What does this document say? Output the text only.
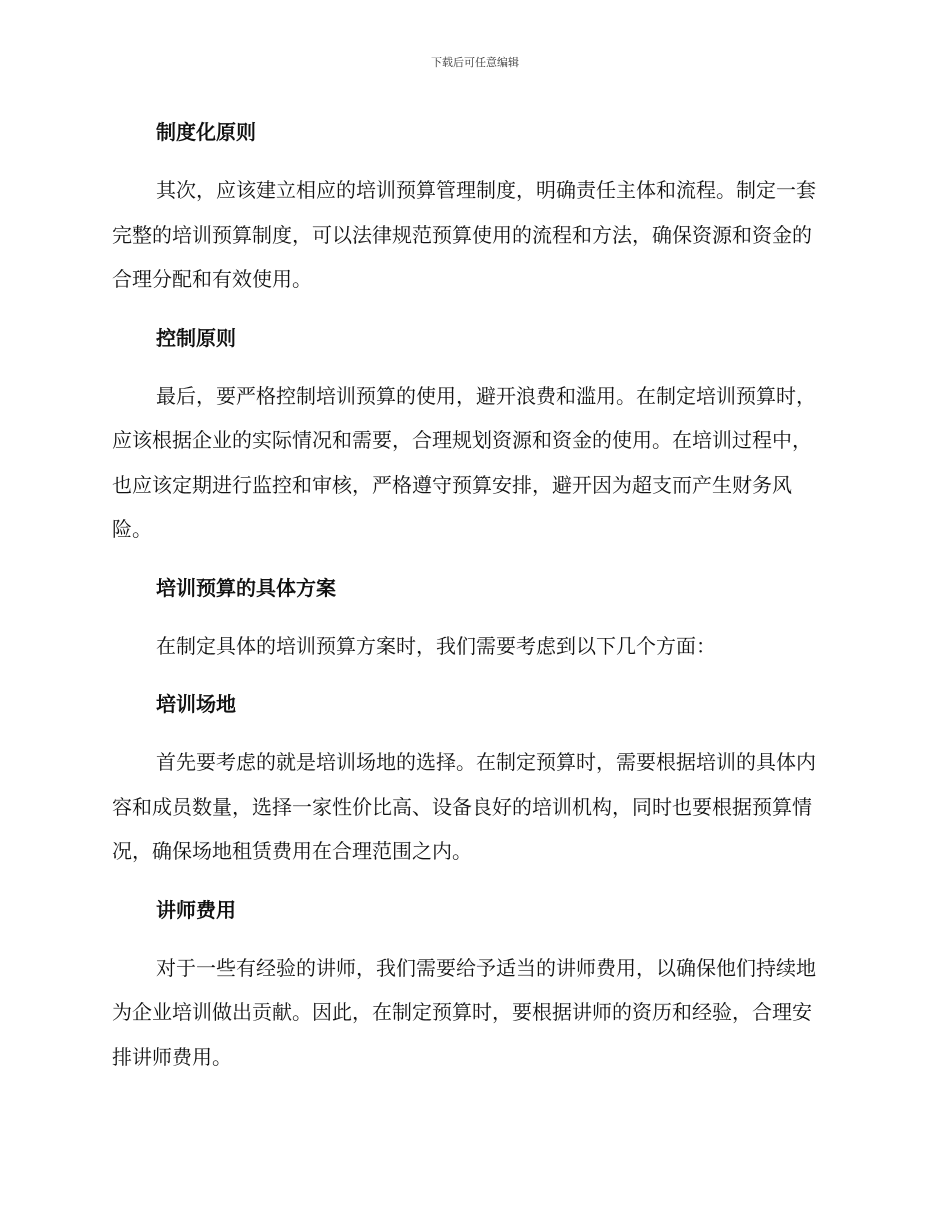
下载后可任意编辑
制度化原则

其次，应该建立相应的培训预算管理制度，明确责任主体和流程。制定一套完整的培训预算制度，可以法律规范预算使用的流程和方法，确保资源和资金的合理分配和有效使用。

控制原则

最后，要严格控制培训预算的使用，避开浪费和滥用。在制定培训预算时，应该根据企业的实际情况和需要，合理规划资源和资金的使用。在培训过程中，也应该定期进行监控和审核，严格遵守预算安排，避开因为超支而产生财务风险。

培训预算的具体方案

在制定具体的培训预算方案时，我们需要考虑到以下几个方面：

培训场地

首先要考虑的就是培训场地的选择。在制定预算时，需要根据培训的具体内容和成员数量，选择一家性价比高、设备良好的培训机构，同时也要根据预算情况，确保场地租赁费用在合理范围之内。

讲师费用

对于一些有经验的讲师，我们需要给予适当的讲师费用，以确保他们持续地为企业培训做出贡献。因此，在制定预算时，要根据讲师的资历和经验，合理安排讲师费用。
